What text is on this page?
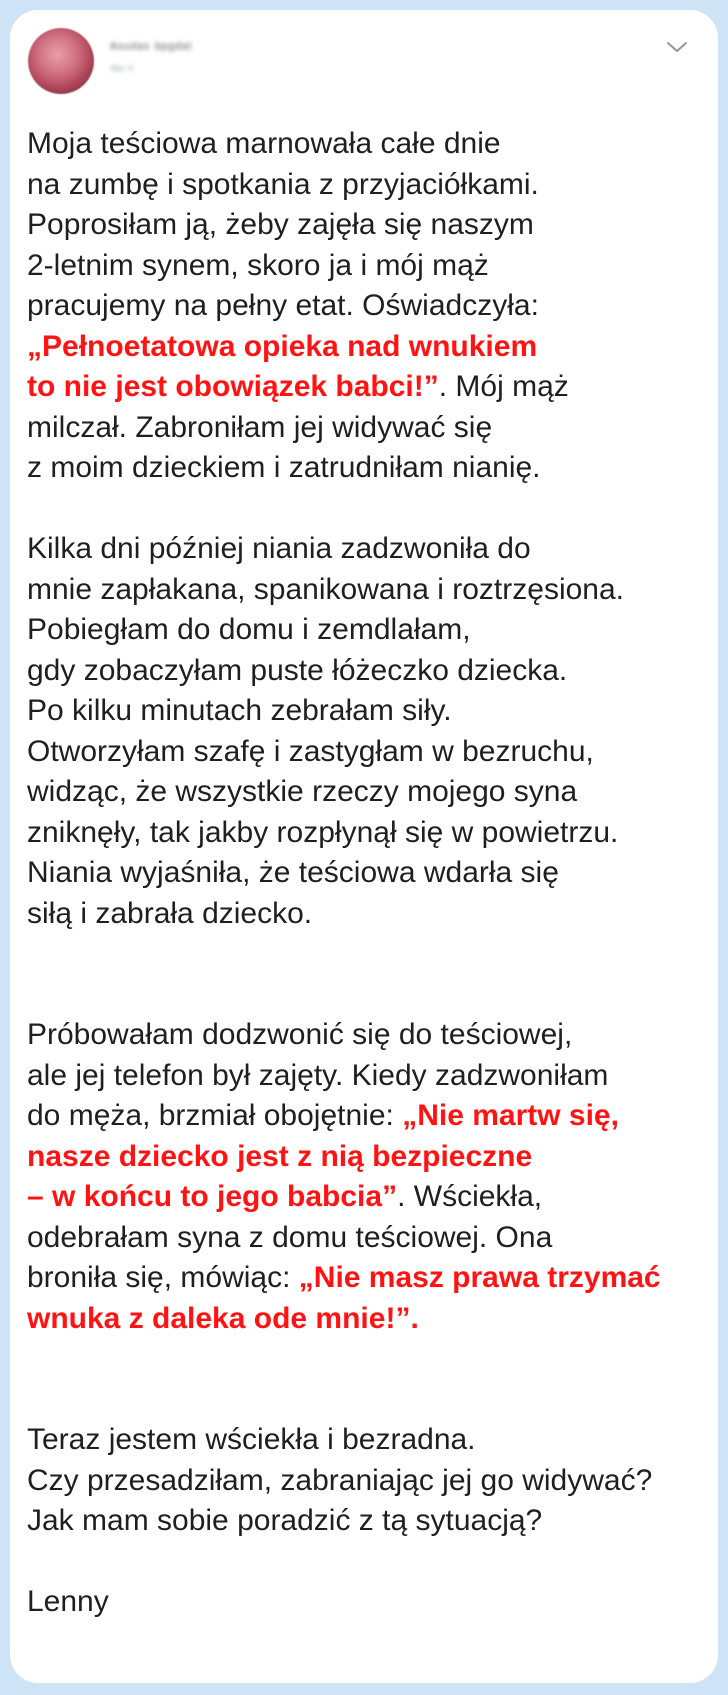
ᴬˢᵘᵈᵃˢ ᵇᵖᵍᵈᵃᵗ
ᵈᵃᵘ ʰ
Moja teściowa marnowała całe dnie
na zumbę i spotkania z przyjaciółkami.
Poprosiłam ją, żeby zajęła się naszym
2-letnim synem, skoro ja i mój mąż
pracujemy na pełny etat. Oświadczyła:
„Pełnoetatowa opieka nad wnukiem
to nie jest obowiązek babci!”. Mój mąż
milczał. Zabroniłam jej widywać się
z moim dzieckiem i zatrudniłam nianię.
Kilka dni później niania zadzwoniła do
mnie zapłakana, spanikowana i roztrzęsiona.
Pobiegłam do domu i zemdlałam,
gdy zobaczyłam puste łóżeczko dziecka.
Po kilku minutach zebrałam siły.
Otworzyłam szafę i zastygłam w bezruchu,
widząc, że wszystkie rzeczy mojego syna
zniknęły, tak jakby rozpłynął się w powietrzu.
Niania wyjaśniła, że teściowa wdarła się
siłą i zabrała dziecko.
Próbowałam dodzwonić się do teściowej,
ale jej telefon był zajęty. Kiedy zadzwoniłam
do męża, brzmiał obojętnie: „Nie martw się,
nasze dziecko jest z nią bezpieczne
– w końcu to jego babcia”. Wściekła,
odebrałam syna z domu teściowej. Ona
broniła się, mówiąc: „Nie masz prawa trzymać
wnuka z daleka ode mnie!”.
Teraz jestem wściekła i bezradna.
Czy przesadziłam, zabraniając jej go widywać?
Jak mam sobie poradzić z tą sytuacją?
Lenny
